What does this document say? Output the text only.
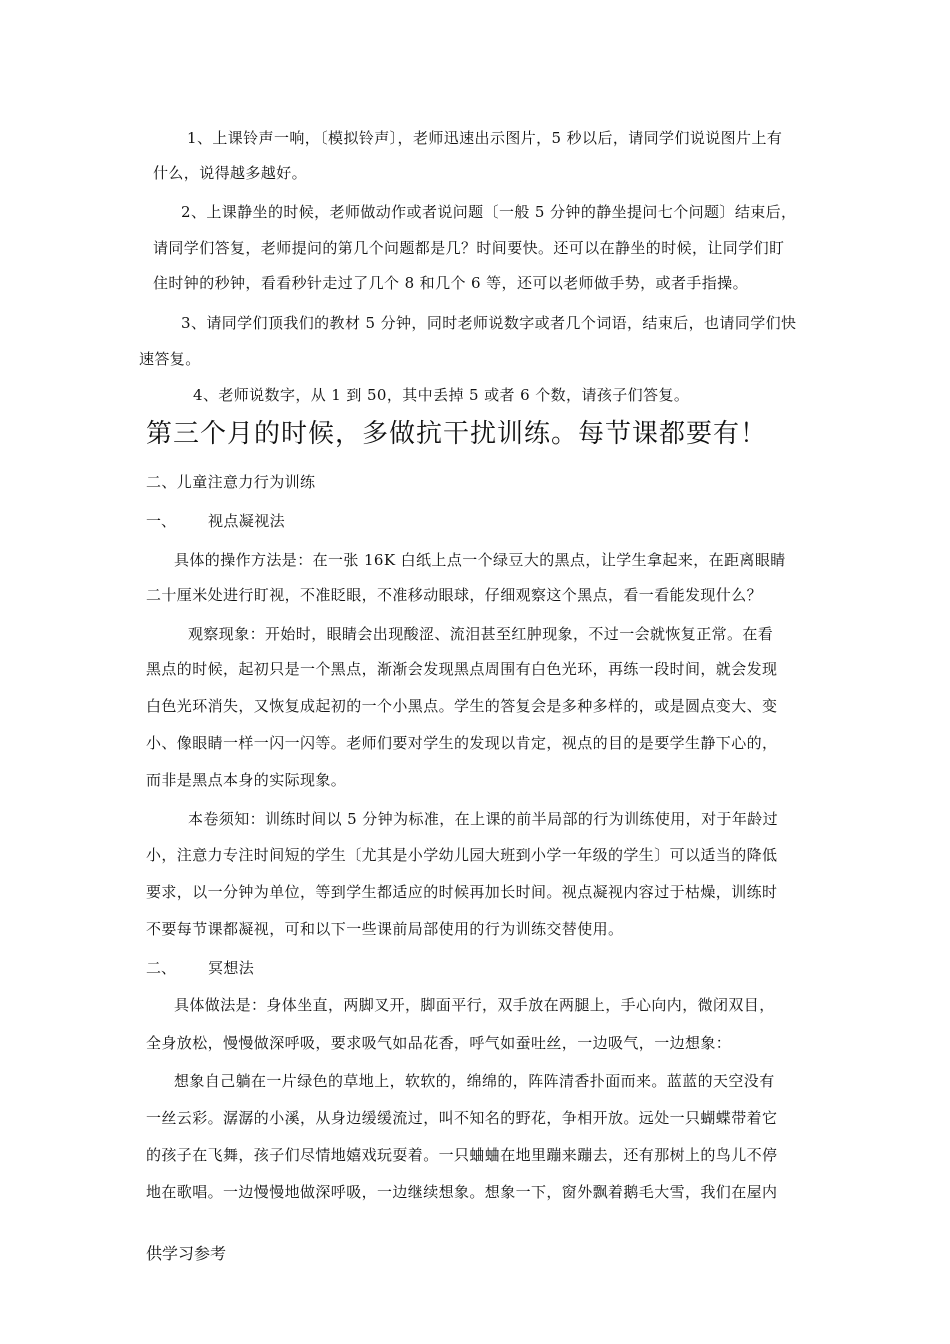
1、上课铃声一响，〔模拟铃声〕，老师迅速出示图片，5 秒以后，请同学们说说图片上有
什么，说得越多越好。
2、上课静坐的时候，老师做动作或者说问题〔一般 5 分钟的静坐提问七个问题〕结束后，
请同学们答复，老师提问的第几个问题都是几？时间要快。还可以在静坐的时候，让同学们盯
住时钟的秒钟，看看秒针走过了几个 8 和几个 6 等，还可以老师做手势，或者手指操。
3、请同学们顶我们的教材 5 分钟，同时老师说数字或者几个词语，结束后，也请同学们快
速答复。
4、老师说数字，从 1 到 50，其中丢掉 5 或者 6 个数，请孩子们答复。
第三个月的时候，多做抗干扰训练。每节课都要有！
二、儿童注意力行为训练
一、 视点凝视法
具体的操作方法是：在一张 16K 白纸上点一个绿豆大的黑点，让学生拿起来，在距离眼睛
二十厘米处进行盯视，不准眨眼，不准移动眼球，仔细观察这个黑点，看一看能发现什么？
观察现象：开始时，眼睛会出现酸涩、流泪甚至红肿现象，不过一会就恢复正常。在看
黑点的时候，起初只是一个黑点，渐渐会发现黑点周围有白色光环，再练一段时间，就会发现
白色光环消失，又恢复成起初的一个小黑点。学生的答复会是多种多样的，或是圆点变大、变
小、像眼睛一样一闪一闪等。老师们要对学生的发现以肯定，视点的目的是要学生静下心的，
而非是黑点本身的实际现象。
本卷须知：训练时间以 5 分钟为标准，在上课的前半局部的行为训练使用，对于年龄过
小，注意力专注时间短的学生〔尤其是小学幼儿园大班到小学一年级的学生〕可以适当的降低
要求，以一分钟为单位，等到学生都适应的时候再加长时间。视点凝视内容过于枯燥，训练时
不要每节课都凝视，可和以下一些课前局部使用的行为训练交替使用。
二、 冥想法
具体做法是：身体坐直，两脚叉开，脚面平行，双手放在两腿上，手心向内，微闭双目，
全身放松，慢慢做深呼吸，要求吸气如品花香，呼气如蚕吐丝，一边吸气，一边想象：
想象自己躺在一片绿色的草地上，软软的，绵绵的，阵阵清香扑面而来。蓝蓝的天空没有
一丝云彩。潺潺的小溪，从身边缓缓流过，叫不知名的野花，争相开放。远处一只蝴蝶带着它
的孩子在飞舞，孩子们尽情地嬉戏玩耍着。一只蛐蛐在地里蹦来蹦去，还有那树上的鸟儿不停
地在歌唱。一边慢慢地做深呼吸，一边继续想象。想象一下，窗外飘着鹅毛大雪，我们在屋内
供学习参考
